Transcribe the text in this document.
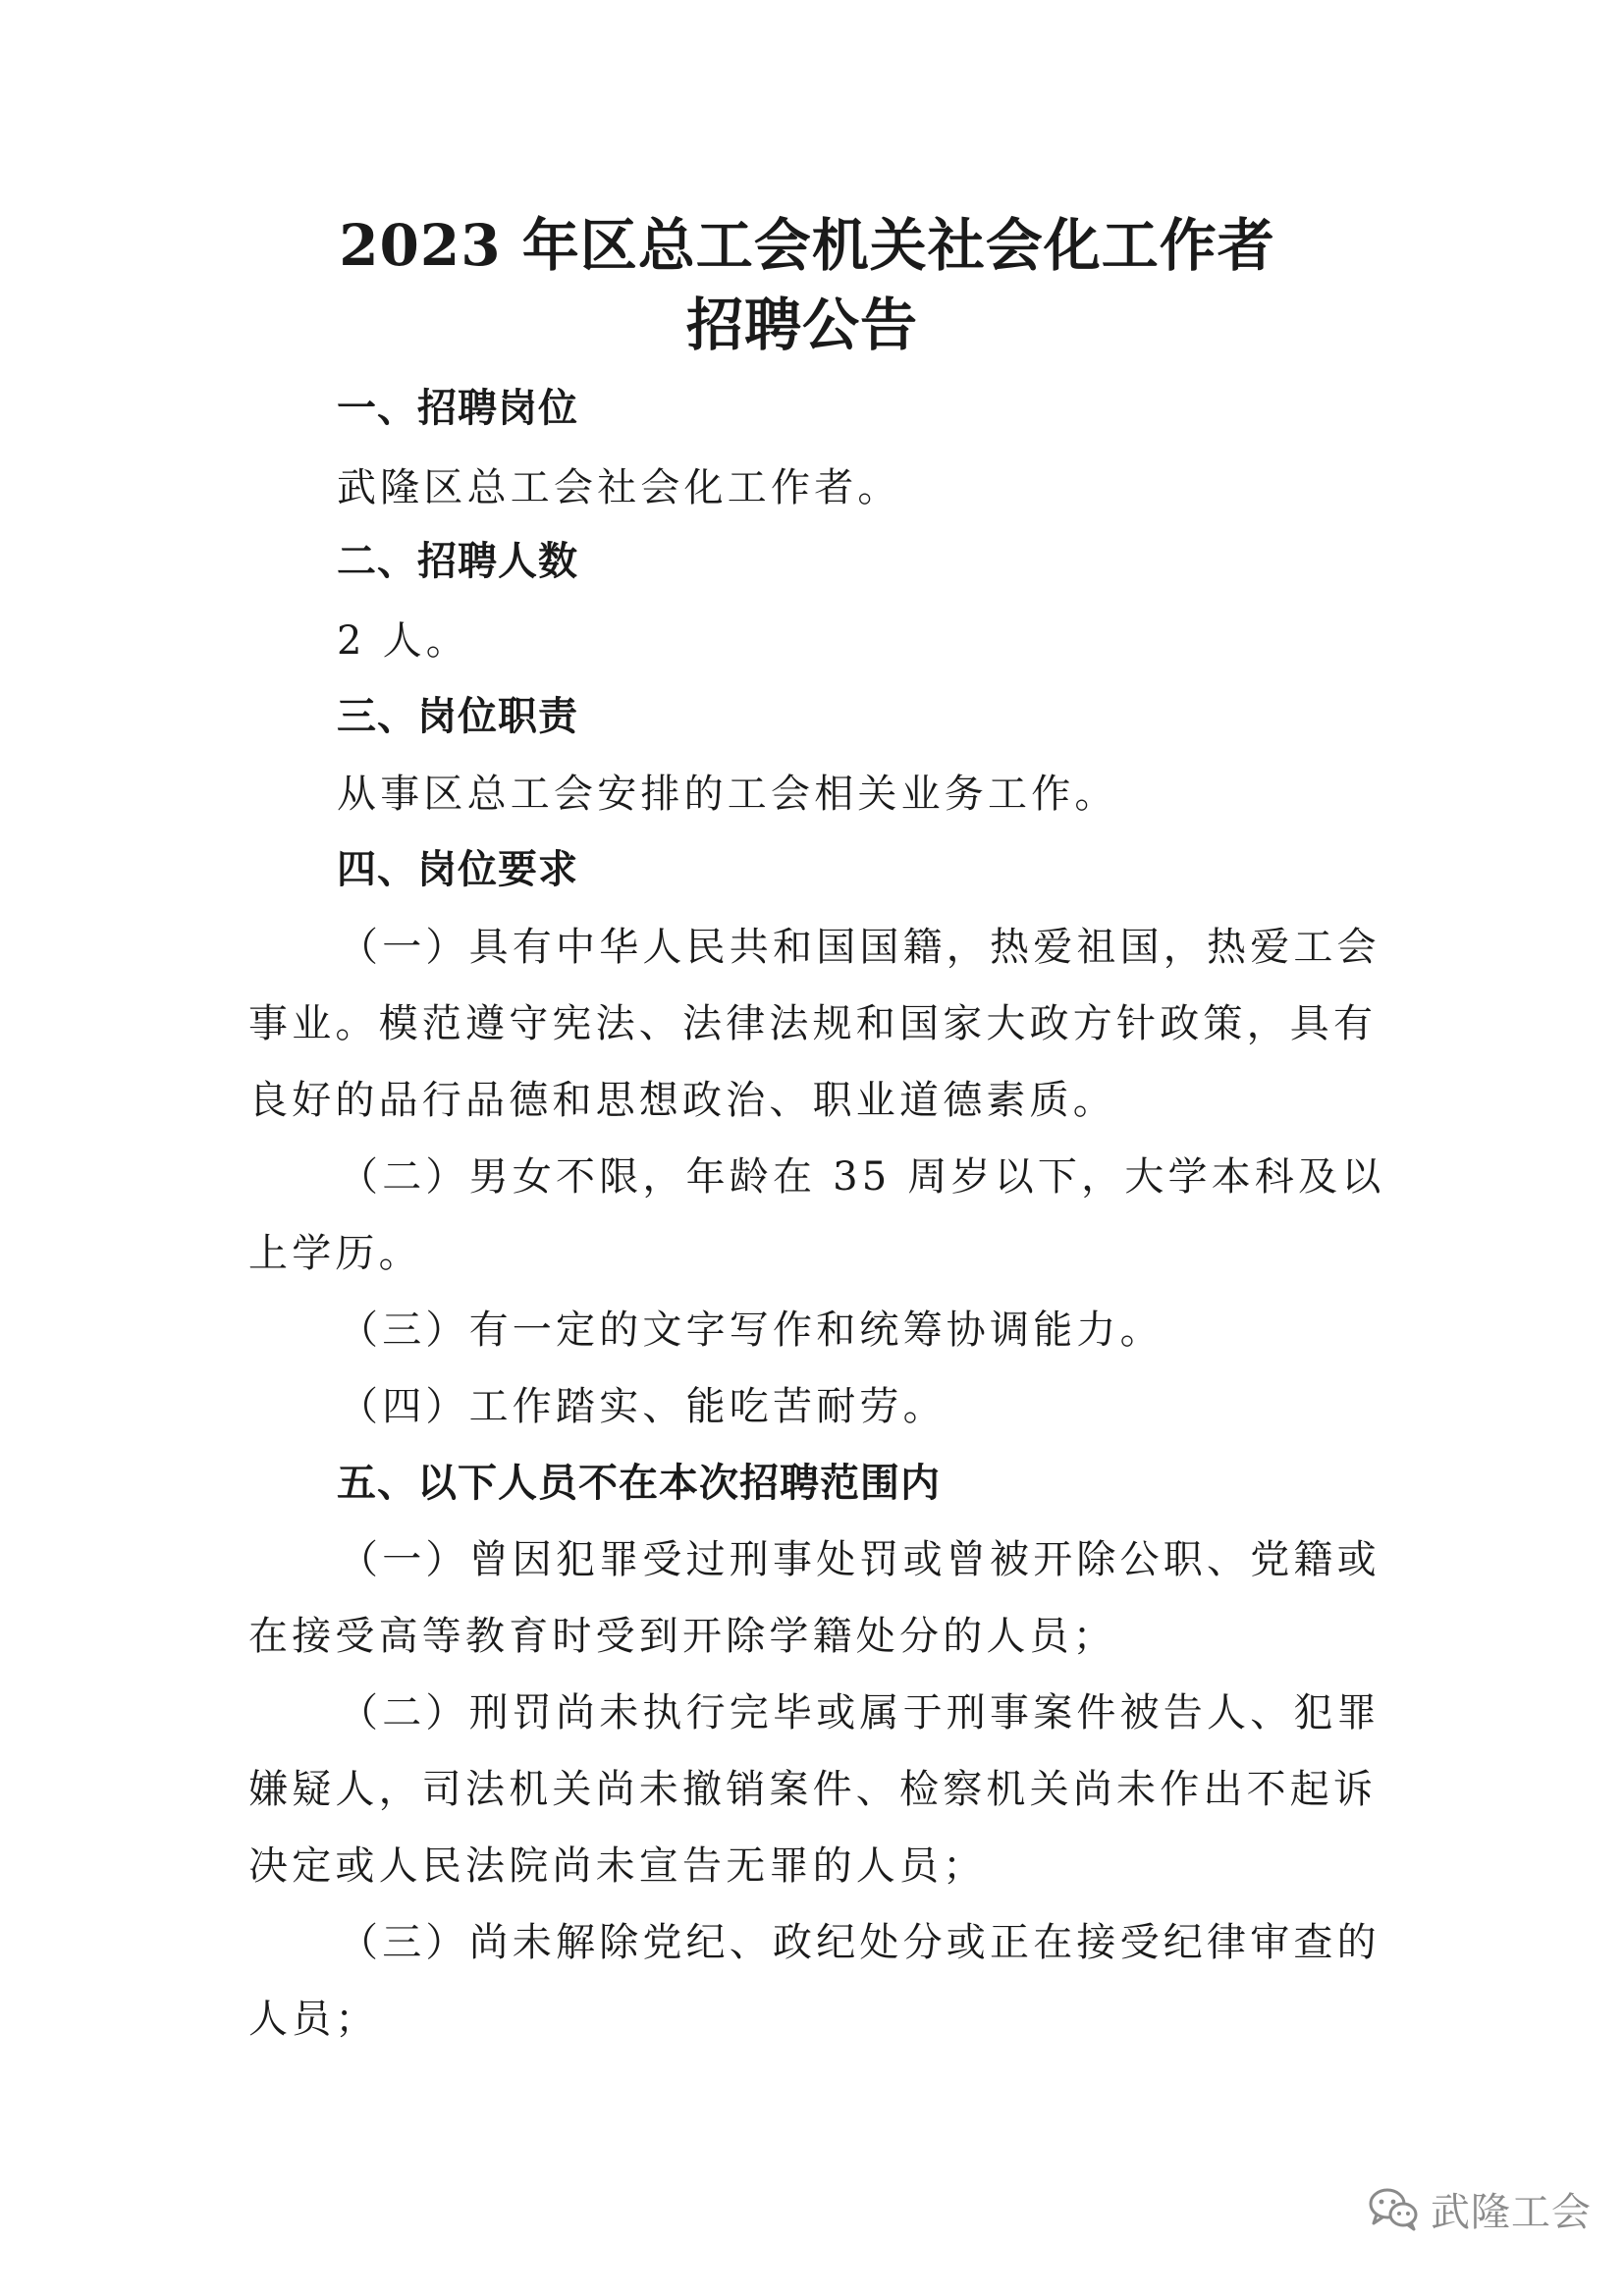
2023 年区总工会机关社会化工作者
招聘公告
一、招聘岗位
武隆区总工会社会化工作者。
二、招聘人数
2 人。
三、岗位职责
从事区总工会安排的工会相关业务工作。
四、岗位要求
（一）具有中华人民共和国国籍，热爱祖国，热爱工会
事业。模范遵守宪法、法律法规和国家大政方针政策，具有
良好的品行品德和思想政治、职业道德素质。
（二）男女不限，年龄在 35 周岁以下，大学本科及以
上学历。
（三）有一定的文字写作和统筹协调能力。
（四）工作踏实、能吃苦耐劳。
五、以下人员不在本次招聘范围内
（一）曾因犯罪受过刑事处罚或曾被开除公职、党籍或
在接受高等教育时受到开除学籍处分的人员；
（二）刑罚尚未执行完毕或属于刑事案件被告人、犯罪
嫌疑人，司法机关尚未撤销案件、检察机关尚未作出不起诉
决定或人民法院尚未宣告无罪的人员；
（三）尚未解除党纪、政纪处分或正在接受纪律审查的
人员；
武隆工会
